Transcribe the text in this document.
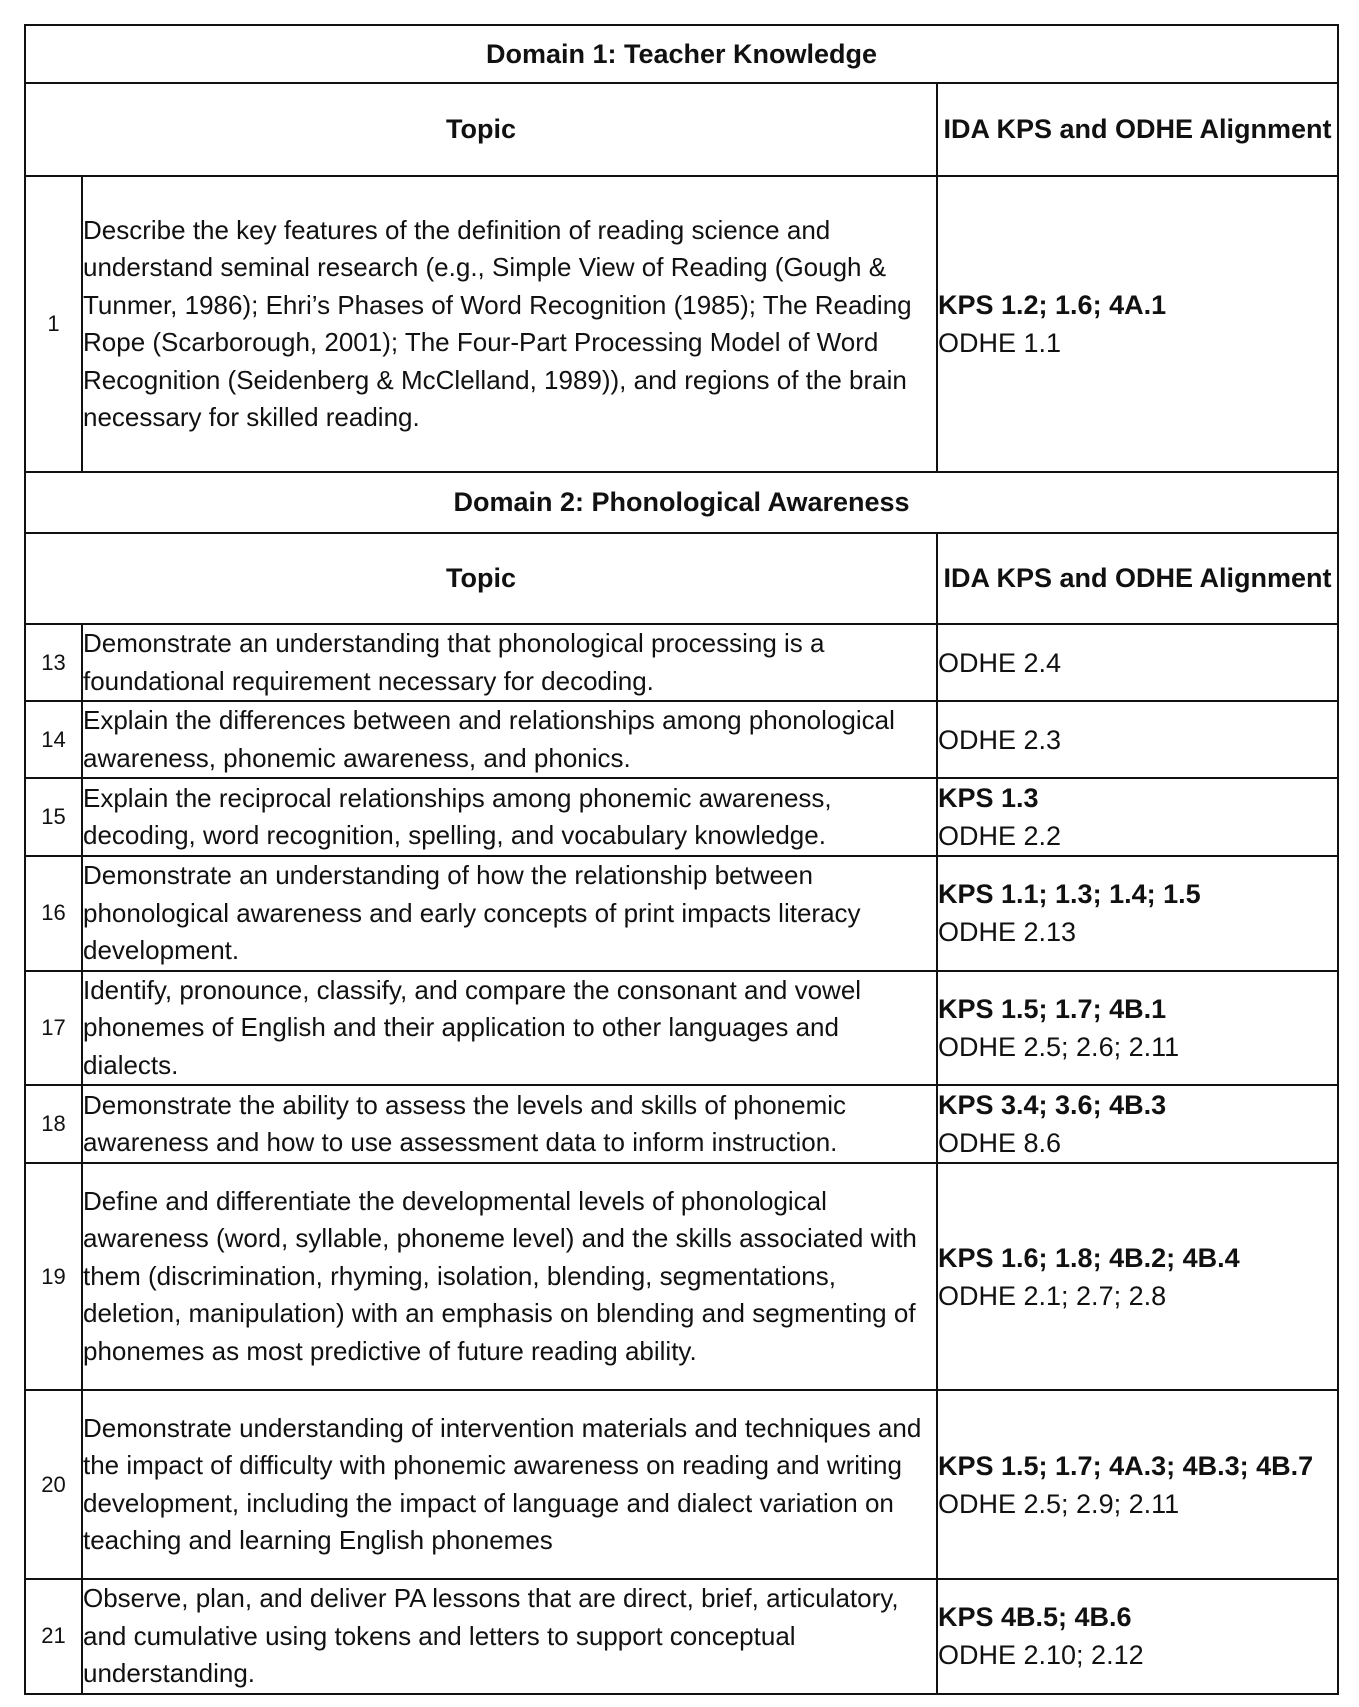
Domain 1: Teacher Knowledge		
Topic		IDA KPS and ODHE Alignment
1	Describe the key features of the definition of reading science and understand seminal research (e.g., Simple View of Reading (Gough & Tunmer, 1986); Ehri’s Phases of Word Recognition (1985); The Reading Rope (Scarborough, 2001); The Four-Part Processing Model of Word Recognition (Seidenberg & McClelland, 1989)), and regions of the brain necessary for skilled reading.	KPS 1.2; 1.6; 4A.1
ODHE 1.1

Domain 2: Phonological Awareness		
Topic		IDA KPS and ODHE Alignment
13	Demonstrate an understanding that phonological processing is a foundational requirement necessary for decoding.	ODHE 2.4

14	Explain the differences between and relationships among phonological awareness, phonemic awareness, and phonics.	ODHE 2.3

15	Explain the reciprocal relationships among phonemic awareness, decoding, word recognition, spelling, and vocabulary knowledge.	KPS 1.3
ODHE 2.2

16	Demonstrate an understanding of how the relationship between phonological awareness and early concepts of print impacts literacy development.	KPS 1.1; 1.3; 1.4; 1.5
ODHE 2.13

17	Identify, pronounce, classify, and compare the consonant and vowel phonemes of English and their application to other languages and dialects.	KPS 1.5; 1.7; 4B.1
ODHE 2.5; 2.6; 2.11

18	Demonstrate the ability to assess the levels and skills of phonemic awareness and how to use assessment data to inform instruction.	KPS 3.4; 3.6; 4B.3
ODHE 8.6

19	Define and differentiate the developmental levels of phonological awareness (word, syllable, phoneme level) and the skills associated with them (discrimination, rhyming, isolation, blending, segmentations, deletion, manipulation) with an emphasis on blending and segmenting of phonemes as most predictive of future reading ability.	KPS 1.6; 1.8; 4B.2; 4B.4
ODHE 2.1; 2.7; 2.8

20	Demonstrate understanding of intervention materials and techniques and the impact of difficulty with phonemic awareness on reading and writing development, including the impact of language and dialect variation on teaching and learning English phonemes	KPS 1.5; 1.7; 4A.3; 4B.3; 4B.7
ODHE 2.5; 2.9; 2.11

21	Observe, plan, and deliver PA lessons that are direct, brief, articulatory, and cumulative using tokens and letters to support conceptual understanding.	KPS 4B.5; 4B.6
ODHE 2.10; 2.12
